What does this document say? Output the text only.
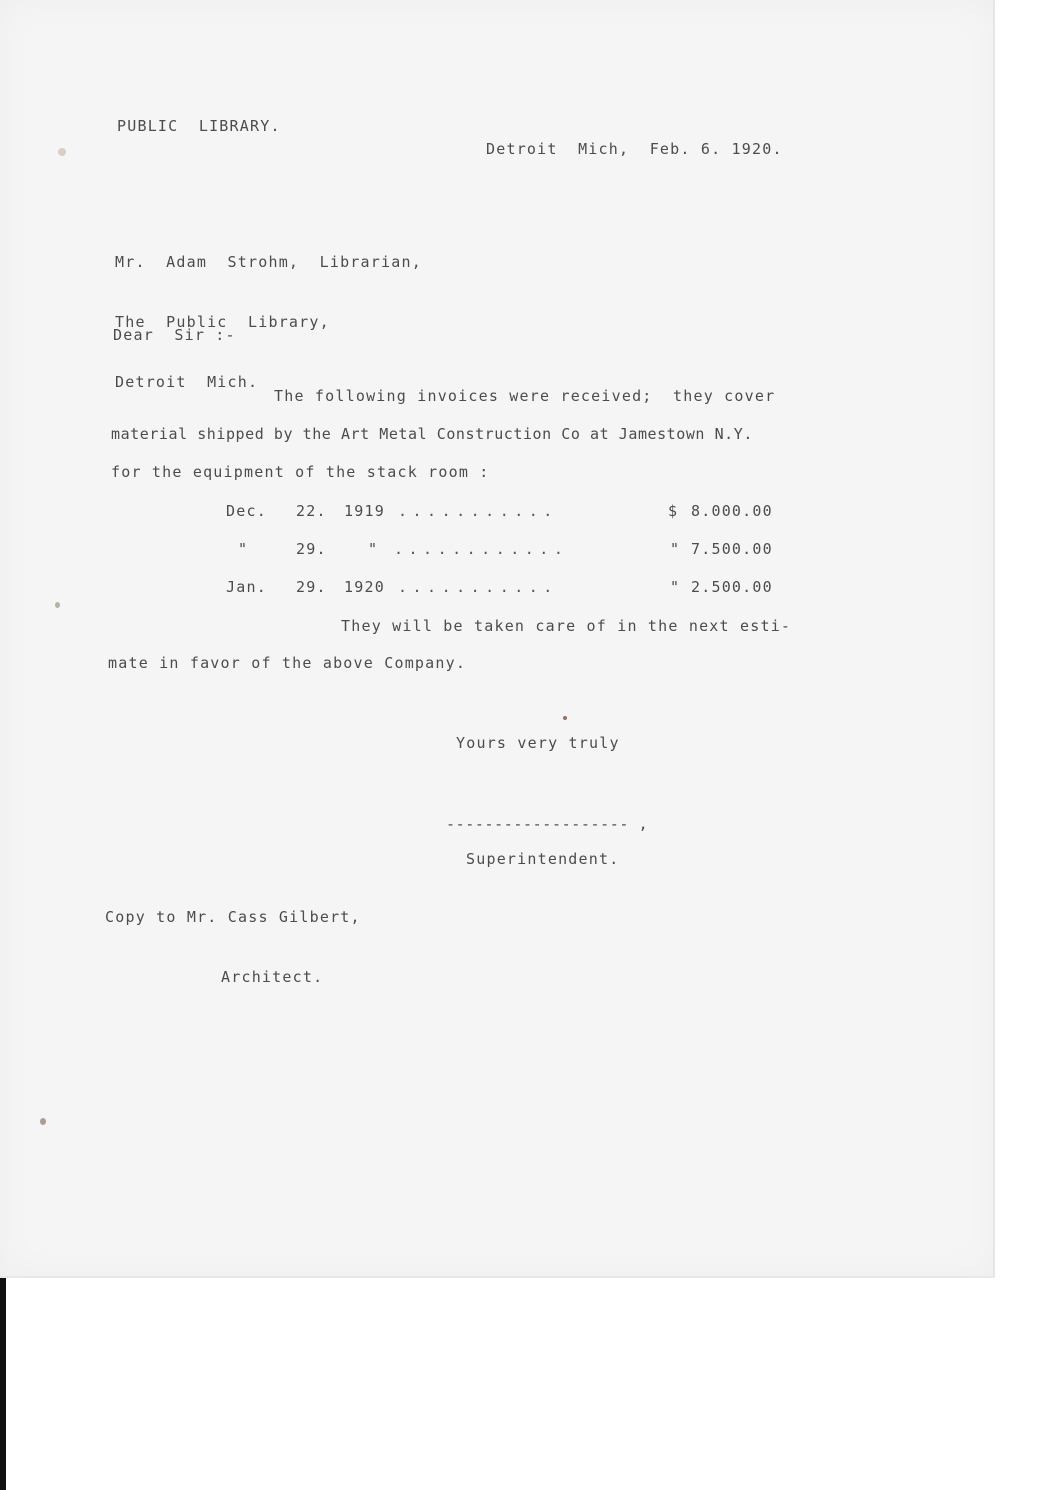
PUBLIC  LIBRARY.
Detroit  Mich,  Feb. 6. 1920.

Mr.  Adam  Strohm,  Librarian,

The  Public  Library,

Detroit  Mich.

Dear  Sir :-
The following invoices were received;  they cover
material shipped by the Art Metal Construction Co at Jamestown N.Y.
for the equipment of the stack room :
Dec. 22. 1919 ...........	$ 8.000.00
"	29.	" ............	" 7.500.00
Jan. 29. 1920 ...........	" 2.500.00
They will be taken care of in the next esti-
mate in favor of the above Company.
Yours very truly
------------------- ,
Superintendent.

Copy to Mr. Cass Gilbert,

Architect.
